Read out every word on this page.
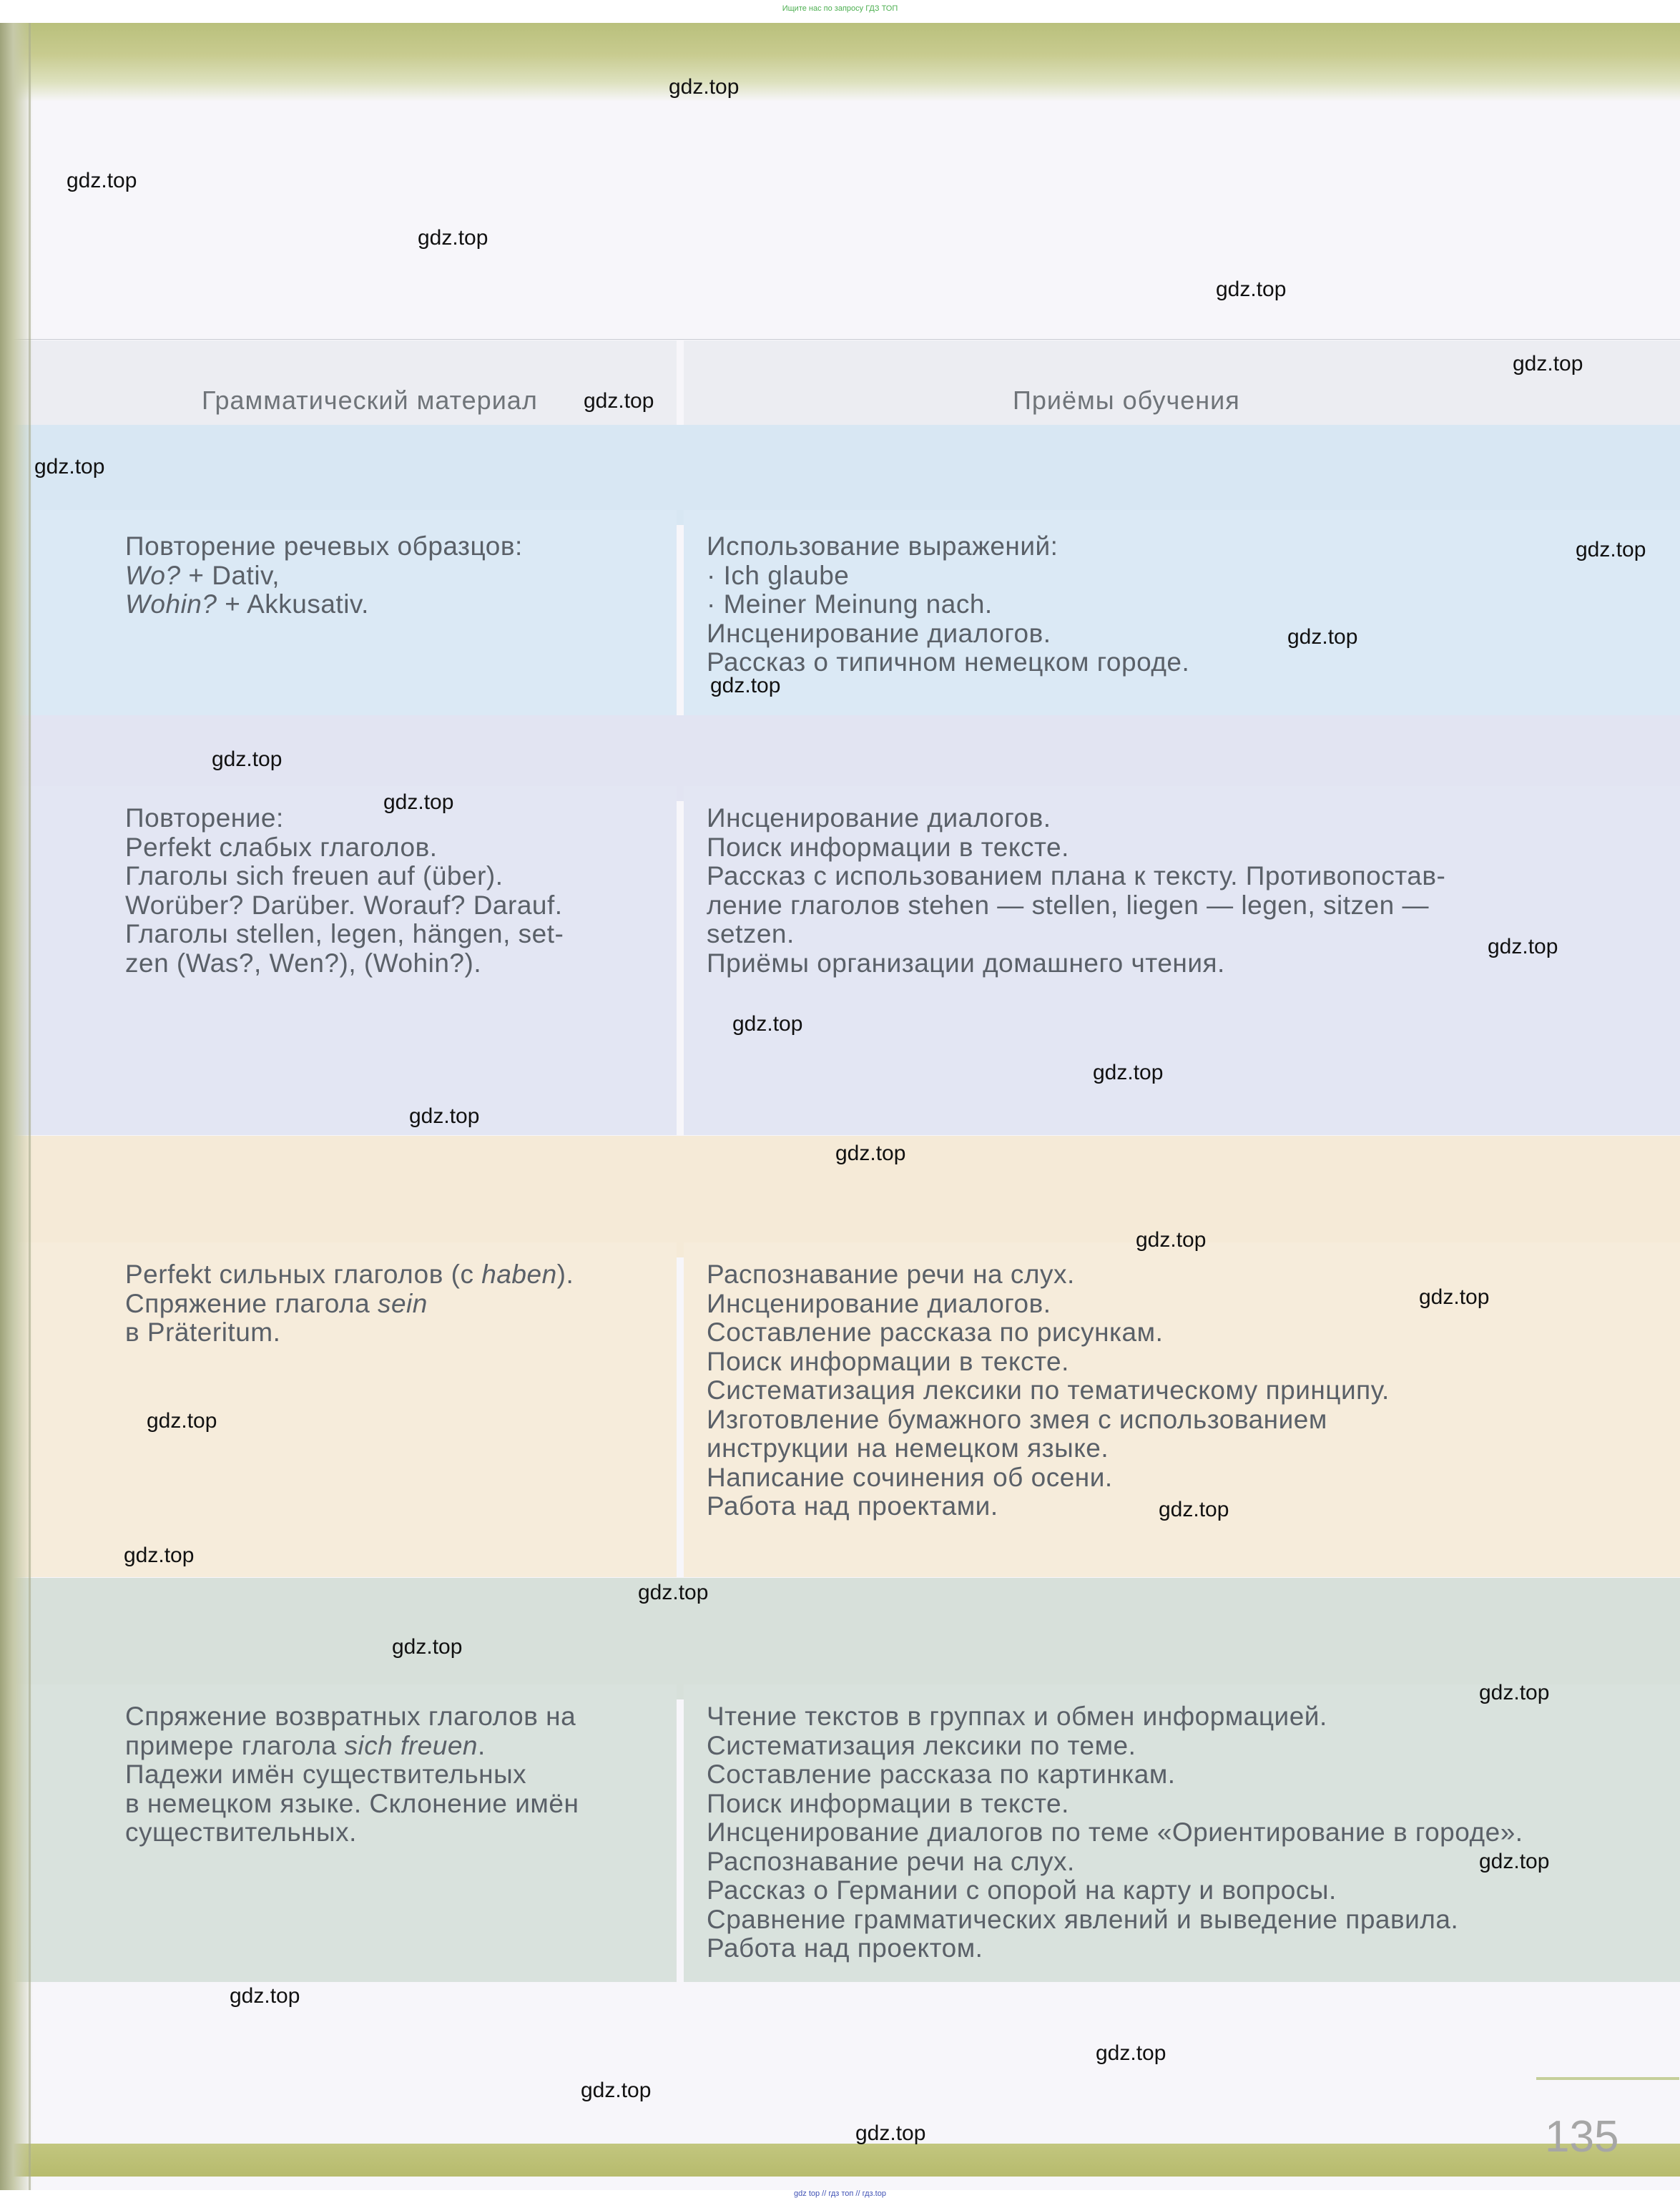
Ищите нас по запросу ГДЗ ТОП
Грамматический материал	Приёмы обучения
Повторение речевых образцов:
Wo? + Dativ,
Wohin? + Akkusativ.
Использование выражений:
· Ich glaube
· Meiner Meinung nach.
Инсценирование диалогов.
Рассказ о типичном немецком городе.
Повторение:
Perfekt слабых глаголов.
Глаголы sich freuen auf (über).
Worüber? Darüber. Worauf? Darauf.
Глаголы stellen, legen, hängen, set-
zen (Was?, Wen?), (Wohin?).
Инсценирование диалогов.
Поиск информации в тексте.
Рассказ с использованием плана к тексту. Противопостав-
ление глаголов stehen — stellen, liegen — legen, sitzen —
setzen.
Приёмы организации домашнего чтения.
Perfekt сильных глаголов (с haben).
Спряжение глагола sein
в Präteritum.
Распознавание речи на слух.
Инсценирование диалогов.
Составление рассказа по рисункам.
Поиск информации в тексте.
Систематизация лексики по тематическому принципу.
Изготовление бумажного змея с использованием
инструкции на немецком языке.
Написание сочинения об осени.
Работа над проектами.
Спряжение возвратных глаголов на
примере глагола sich freuen.
Падежи имён существительных
в немецком языке. Склонение имён
существительных.
Чтение текстов в группах и обмен информацией.
Систематизация лексики по теме.
Составление рассказа по картинкам.
Поиск информации в тексте.
Инсценирование диалогов по теме «Ориентирование в городе».
Распознавание речи на слух.
Рассказ о Германии с опорой на карту и вопросы.
Сравнение грамматических явлений и выведение правила.
Работа над проектом.
135
gdz.top
gdz.top
gdz.top
gdz.top
gdz.top
gdz.top
gdz.top
gdz.top
gdz.top
gdz.top
gdz.top
gdz.top
gdz.top
gdz.top
gdz.top
gdz.top
gdz.top
gdz.top
gdz.top
gdz.top
gdz.top
gdz.top
gdz.top
gdz.top
gdz.top
gdz.top
gdz.top
gdz.top
gdz.top
gdz.top
gdz top // гдз топ // гдз.top
